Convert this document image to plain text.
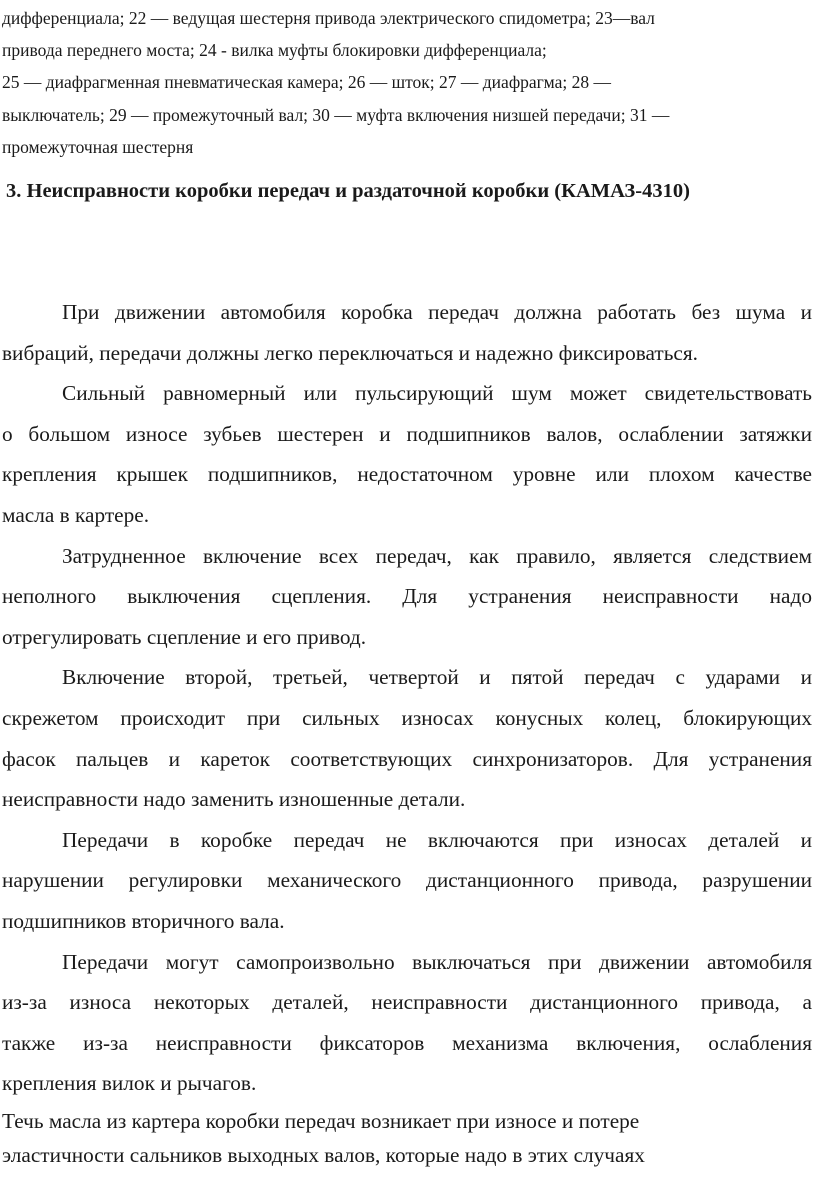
дифференциала; 22 — ведущая шестерня привода электрического спидометра; 23—вал
привода переднего моста; 24 - вилка муфты блокировки дифференциала;
25 — диафрагменная пневматическая камера; 26 — шток; 27 — диафрагма; 28 —
выключатель; 29 — промежуточный вал; 30 — муфта включения низшей передачи; 31 —
промежуточная шестерня

3. Неисправности коробки передач и раздаточной коробки (КАМАЗ-4310)

При движении автомобиля коробка передач должна работать без шума и
вибраций, передачи должны легко переключаться и надежно фиксироваться.

Сильный равномерный или пульсирующий шум может свидетельствовать
о большом износе зубьев шестерен и подшипников валов, ослаблении затяжки
крепления крышек подшипников, недостаточном уровне или плохом качестве
масла в картере.

Затрудненное включение всех передач, как правило, является следствием
неполного выключения сцепления. Для устранения неисправности надо
отрегулировать сцепление и его привод.

Включение второй, третьей, четвертой и пятой передач с ударами и
скрежетом происходит при сильных износах конусных колец, блокирующих
фасок пальцев и кареток соответствующих синхронизаторов. Для устранения
неисправности надо заменить изношенные детали.

Передачи в коробке передач не включаются при износах деталей и
нарушении регулировки механического дистанционного привода, разрушении
подшипников вторичного вала.

Передачи могут самопроизвольно выключаться при движении автомобиля
из-за износа некоторых деталей, неисправности дистанционного привода, а
также из-за неисправности фиксаторов механизма включения, ослабления
крепления вилок и рычагов.

Течь масла из картера коробки передач возникает при износе и потере
эластичности сальников выходных валов, которые надо в этих случаях
